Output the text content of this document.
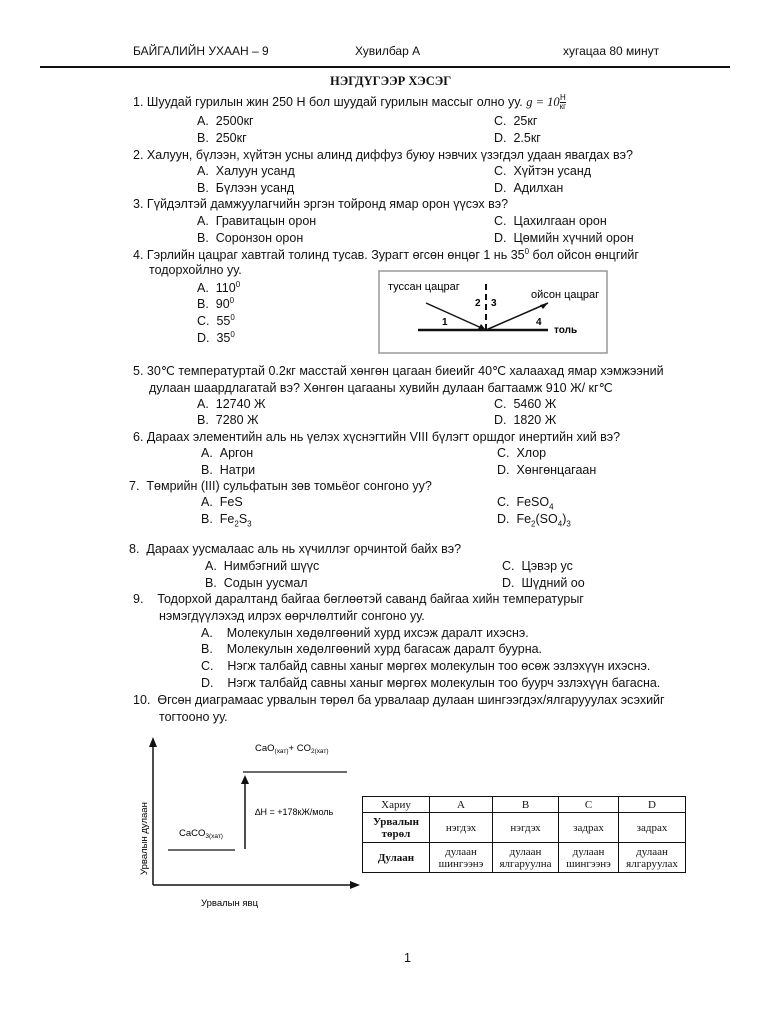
БАЙГАЛИЙН УХААН – 9	Хувилбар А	хугацаа 80 минут
НЭГДҮГЭЭР ХЭСЭГ
1. Шуудай гурилын жин 250 Н бол шуудай гурилын массыг олно уу. $g = 10 \frac{Н}{кг}$
A. 2500кг
B. 250кг
C. 25кг
D. 2.5кг
2. Халуун, бүлээн, хүйтэн усны алинд диффуз буюу нэвчих үзэгдэл удаан явагдах вэ?
A. Халуун усанд
B. Бүлээн усанд
C. Хүйтэн усанд
D. Адилхан
3. Гүйдэлтэй дамжуулагчийн эргэн тойронд ямар орон үүсэх вэ?
A. Гравитацын орон
B. Соронзон орон
C. Цахилгаан орон
D. Цөмийн хүчний орон
4. Гэрлийн цацраг хавтгай толинд тусав. Зурагт өгсөн өнцөг 1 нь $35^0$ бол ойсон өнцгийг
тодорхойлно уу.
A. $110^0$
B. $90^0$
C. $55^0$
D. $35^0$
туссан цацраг
ойсон цацраг
толь
1
2 3
4
5. 30℃ температуртай 0.2кг масстай хөнгөн цагаан биеийг 40℃ халаахад ямар хэмжээний
дулаан шаардлагатай вэ? Хөнгөн цагааны хувийн дулаан багтаамж 910 Ж/ кг℃
A. 12740 Ж
B. 7280 Ж
C. 5460 Ж
D. 1820 Ж
6. Дараах элементийн аль нь үелэх хүснэгтийн VIII бүлэгт оршдог инертийн хий вэ?
A. Аргон
B. Натри
C. Хлор
D. Хөнгөнцагаан
7. Төмрийн (III) сульфатын зөв томьёог сонгоно уу?
A. FeS
B. $Fe_2S_3$
C. FeSO$_4$
D. $Fe_2(SO_4)_3$
8. Дараах уусмалаас аль нь хүчиллэг орчинтой байх вэ?
A. Нимбэгний шүүс
B. Содын уусмал
C. Цэвэр ус
D. Шүдний оо
9. Тодорхой даралтанд байгаа бөглөөтэй саванд байгаа хийн температурыг
нэмэгдүүлэхэд илрэх өөрчлөлтийг сонгоно уу.
A. Молекулын хөдөлгөөний хурд ихсэж даралт ихэснэ.
B. Молекулын хөдөлгөөний хурд багасаж даралт буурна.
C. Нэгж талбайд савны ханыг мөргөх молекулын тоо өсөж эзлэхүүн ихэснэ.
D. Нэгж талбайд савны ханыг мөргөх молекулын тоо буурч эзлэхүүн багасна.
10. Өгсөн диаграмаас урвалын төрөл ба урвалаар дулаан шингээгдэх/ялгарууулах эсэхийг
тогтооно уу.
Урвалын дулаан
Урвалын явц
∆H = +178кЖ/моль
CaCO$_{3(хат)}$
$CaO_{(хат)}+ CO_2(хат)$
Хариу	A	B	C	D
Урвалын төрөл	нэгдэх	нэгдэх	задрах	задрах
Дулаан	дулаан шингээнэ	дулаан ялгаруулна	дулаан шингээнэ	дулаан ялгаруулах
1
